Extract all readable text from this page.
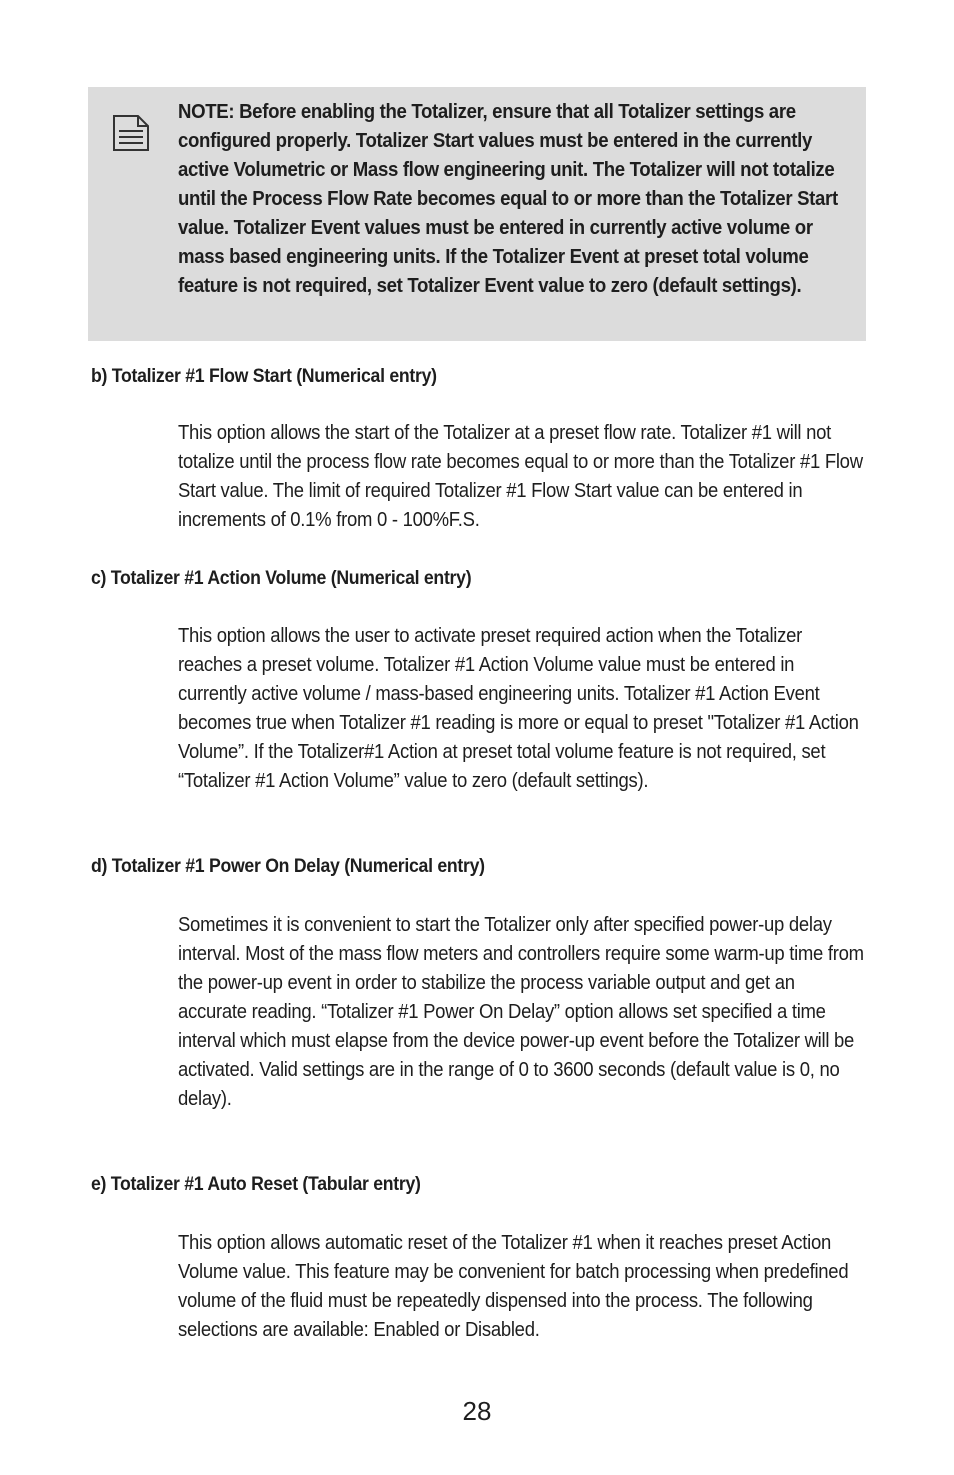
NOTE: Before enabling the Totalizer, ensure that all Totalizer settings are configured properly. Totalizer Start values must be entered in the currently active Volumetric or Mass flow engineering unit. The Totalizer will not totalize until the Process Flow Rate becomes equal to or more than the Totalizer Start value. Totalizer Event values must be entered in currently active volume or mass based engineering units. If the Totalizer Event at preset total volume feature is not required, set Totalizer Event value to zero (default settings).

b) Totalizer #1 Flow Start (Numerical entry)

This option allows the start of the Totalizer at a preset flow rate. Totalizer #1 will not totalize until the process flow rate becomes equal to or more than the Totalizer #1 Flow Start value. The limit of required Totalizer #1 Flow Start value can be entered in increments of 0.1% from 0 - 100%F.S.

c) Totalizer #1 Action Volume (Numerical entry)

This option allows the user to activate preset required action when the Totalizer reaches a preset volume. Totalizer #1 Action Volume value must be entered in currently active volume / mass-based engineering units. Totalizer #1 Action Event becomes true when Totalizer #1 reading is more or equal to preset "Totalizer #1 Action Volume”. If the Totalizer#1 Action at preset total volume feature is not required, set “Totalizer #1 Action Volume” value to zero (default settings).

d) Totalizer #1 Power On Delay (Numerical entry)

Sometimes it is convenient to start the Totalizer only after specified power-up delay interval. Most of the mass flow meters and controllers require some warm-up time from the power-up event in order to stabilize the process variable output and get an accurate reading. “Totalizer #1 Power On Delay” option allows set specified a time interval which must elapse from the device power-up event before the Totalizer will be activated. Valid settings are in the range of 0 to 3600 seconds (default value is 0, no delay).

e) Totalizer #1 Auto Reset (Tabular entry)

This option allows automatic reset of the Totalizer #1 when it reaches preset Action Volume value. This feature may be convenient for batch processing when predefined volume of the fluid must be repeatedly dispensed into the process. The following selections are available: Enabled or Disabled.

28
